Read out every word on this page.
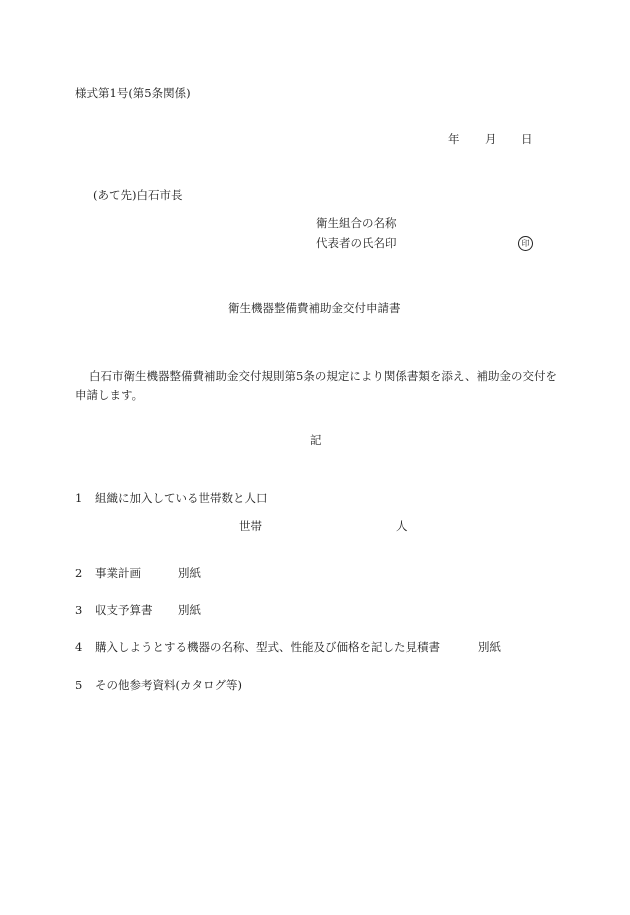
様式第1号(第5条関係)
年 月 日
(あて先)白石市長
衛生組合の名称
代表者の氏名印	印
衛生機器整備費補助金交付申請書
白石市衛生機器整備費補助金交付規則第5条の規定により関係書類を添え、補助金の交付を申請します。
記
1 組織に加入している世帯数と人口
世帯	人
2 事業計画	別紙
3 収支予算書 別紙
4 購入しようとする機器の名称、型式、性能及び価格を記した見積書	別紙
5 その他参考資料(カタログ等)
